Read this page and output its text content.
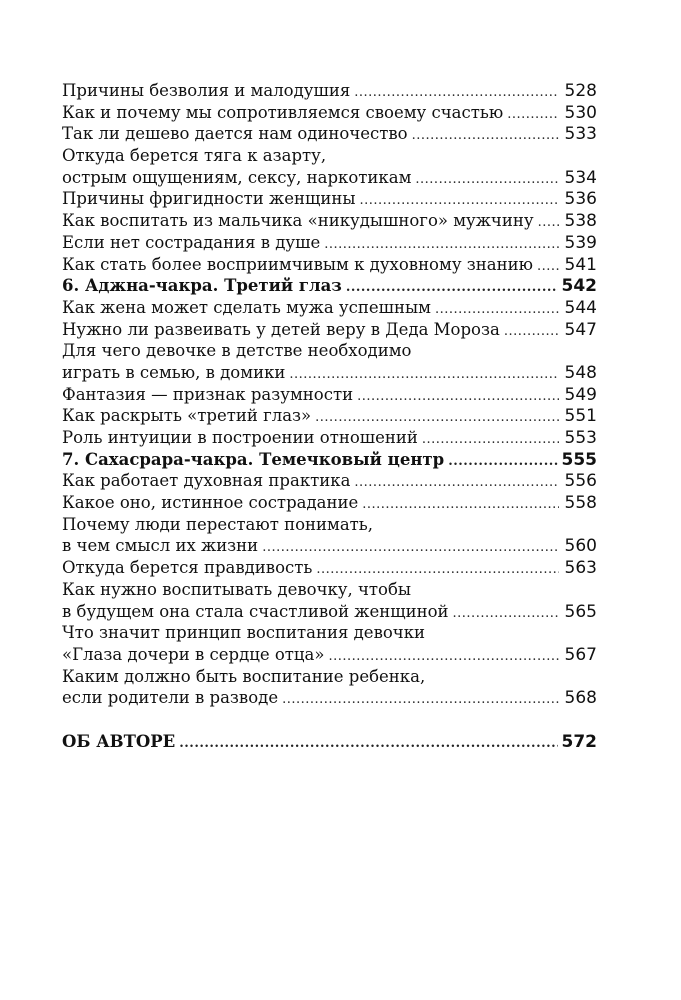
Причины безволия и малодушия .....	528
Как и почему мы сопротивляемся своему счастью .....	530
Так ли дешево дается нам одиночество .....	533
Откуда берется тяга к азарту,
острым ощущениям, сексу, наркотикам .....	534
Причины фригидности женщины .....	536
Как воспитать из мальчика «никудышного» мужчину ..... 538
Если нет сострадания в душе .....	539
Как стать более восприимчивым к духовному знанию ..... 541
6. Аджна-чакра. Третий глаз .....	542
Как жена может сделать мужа успешным .....	544
Нужно ли развеивать у детей веру в Деда Мороза .....	547
Для чего девочке в детстве необходимо
играть в семью, в домики .....	548
Фантазия — признак разумности .....	549
Как раскрыть «третий глаз» .....	551
Роль интуиции в построении отношений .....	553
7. Сахасрара-чакра. Темечковый центр .....	555
Как работает духовная практика .....	556
Какое оно, истинное сострадание .....	558
Почему люди перестают понимать,
в чем смысл их жизни .....	560
Откуда берется правдивость .....	563
Как нужно воспитывать девочку, чтобы
в будущем она стала счастливой женщиной .....	565
Что значит принцип воспитания девочки
«Глаза дочери в сердце отца» .....	567
Каким должно быть воспитание ребенка,
если родители в разводе .....	568
ОБ АВТОРЕ .....	572
